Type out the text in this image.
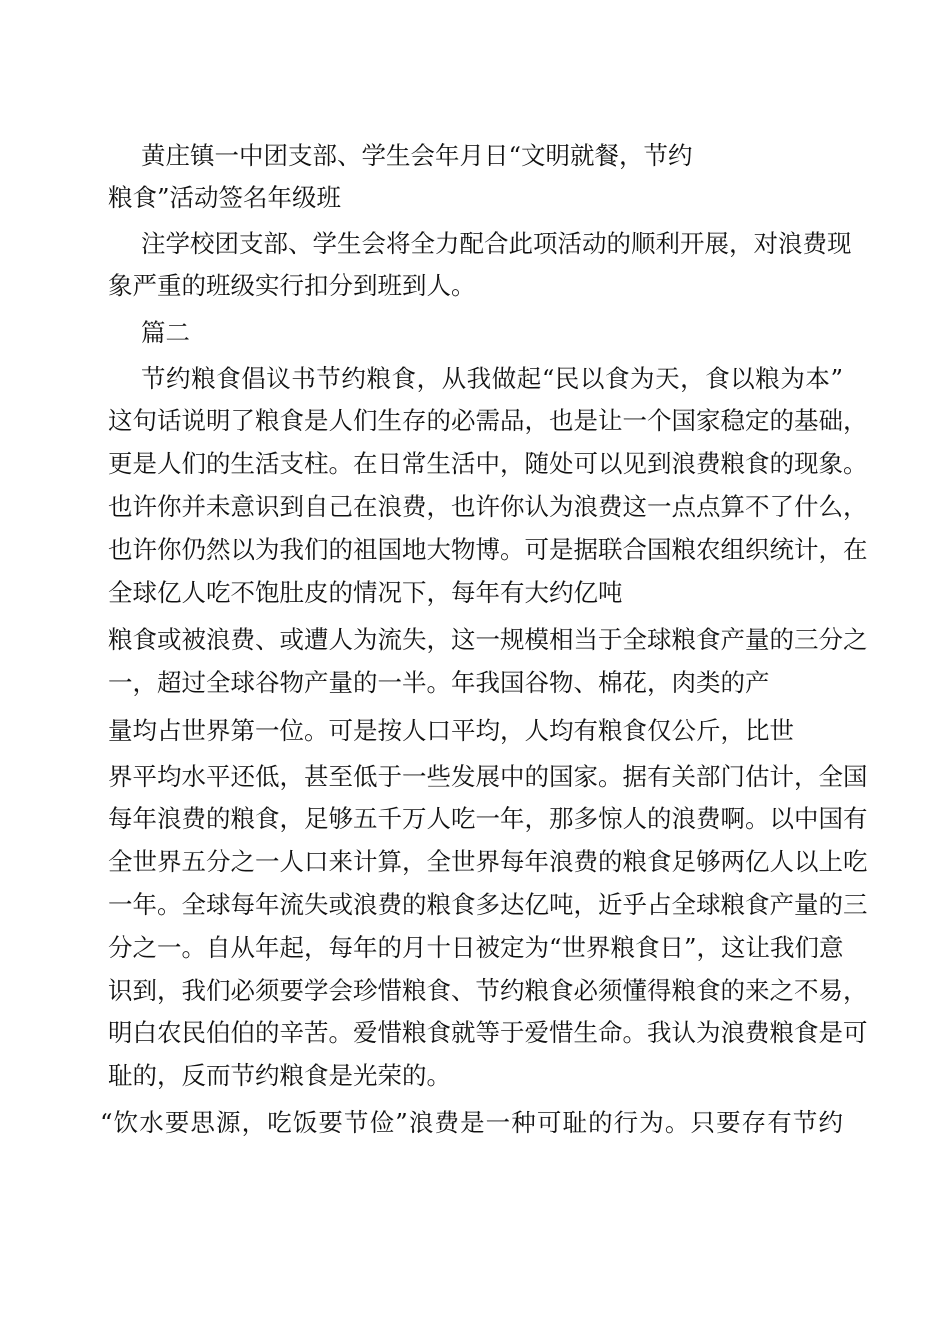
黄庄镇一中团支部、学生会年月日“文明就餐，节约
粮食”活动签名年级班
注学校团支部、学生会将全力配合此项活动的顺利开展，对浪费现
象严重的班级实行扣分到班到人。
篇二
节约粮食倡议书节约粮食，从我做起“民以食为天，食以粮为本”
这句话说明了粮食是人们生存的必需品，也是让一个国家稳定的基础，
更是人们的生活支柱。在日常生活中，随处可以见到浪费粮食的现象。
也许你并未意识到自己在浪费，也许你认为浪费这一点点算不了什么，
也许你仍然以为我们的祖国地大物博。可是据联合国粮农组织统计，在
全球亿人吃不饱肚皮的情况下，每年有大约亿吨
粮食或被浪费、或遭人为流失，这一规模相当于全球粮食产量的三分之
一，超过全球谷物产量的一半。年我国谷物、棉花，肉类的产
量均占世界第一位。可是按人口平均，人均有粮食仅公斤，比世
界平均水平还低，甚至低于一些发展中的国家。据有关部门估计，全国
每年浪费的粮食，足够五千万人吃一年，那多惊人的浪费啊。以中国有
全世界五分之一人口来计算，全世界每年浪费的粮食足够两亿人以上吃
一年。全球每年流失或浪费的粮食多达亿吨，近乎占全球粮食产量的三
分之一。自从年起，每年的月十日被定为“世界粮食日”，这让我们意
识到，我们必须要学会珍惜粮食、节约粮食必须懂得粮食的来之不易，
明白农民伯伯的辛苦。爱惜粮食就等于爱惜生命。我认为浪费粮食是可
耻的，反而节约粮食是光荣的。
“饮水要思源，吃饭要节俭”浪费是一种可耻的行为。只要存有节约
